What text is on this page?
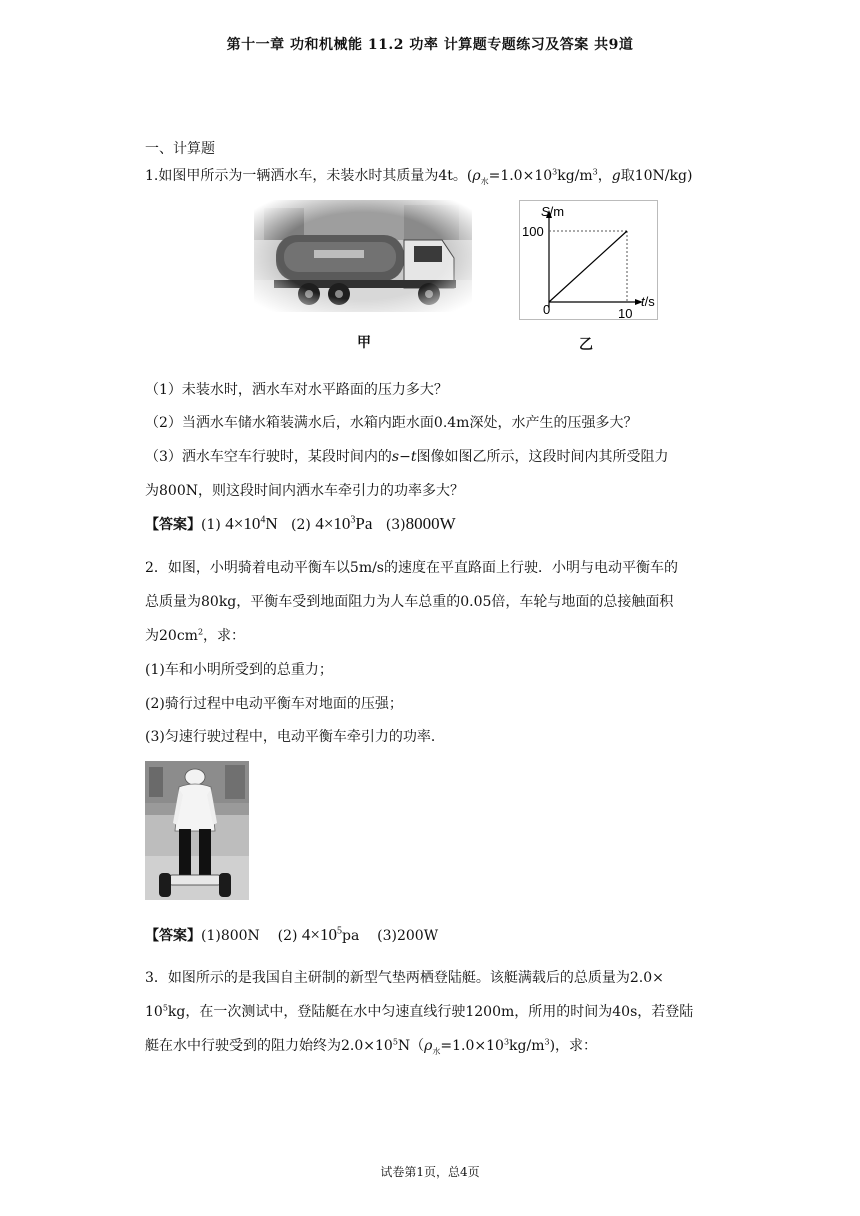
第十一章 功和机械能 11.2 功率 计算题专题练习及答案 共9道
一、计算题
1.如图甲所示为一辆洒水车，未装水时其质量为4t。($\rho_水=1.0\times 10^3kg/m^3$，g取10N/kg)
S/m
100
0	10
t/s
甲	乙
（1）未装水时，洒水车对水平路面的压力多大？
（2）当洒水车储水箱装满水后，水箱内距水面0.4m深处，水产生的压强多大？
（3）洒水车空车行驶时，某段时间内的s−t图像如图乙所示，这段时间内其所受阻力
为800N，则这段时间内洒水车牵引力的功率多大？
【答案】(1) $4\times 10^4N$ (2) $4\times 10^3Pa$ (3)8000W
2．如图，小明骑着电动平衡车以5m/s的速度在平直路面上行驶．小明与电动平衡车的
总质量为80kg，平衡车受到地面阻力为人车总重的0.05倍，车轮与地面的总接触面积
为$20cm^2$，求：
(1)车和小明所受到的总重力；
(2)骑行过程中电动平衡车对地面的压强；
(3)匀速行驶过程中，电动平衡车牵引力的功率．
【答案】(1)800N (2) $4\times 10^5pa$ (3)200W
3．如图所示的是我国自主研制的新型气垫两栖登陆艇。该艇满载后的总质量为2.0×
$10^5kg$，在一次测试中，登陆艇在水中匀速直线行驶1200m，所用的时间为40s，若登陆
艇在水中行驶受到的阻力始终为$2.0\times 10^5N(\rho_水=1.0\times 10^3kg/m^3)$，求：
试卷第1页，总4页
